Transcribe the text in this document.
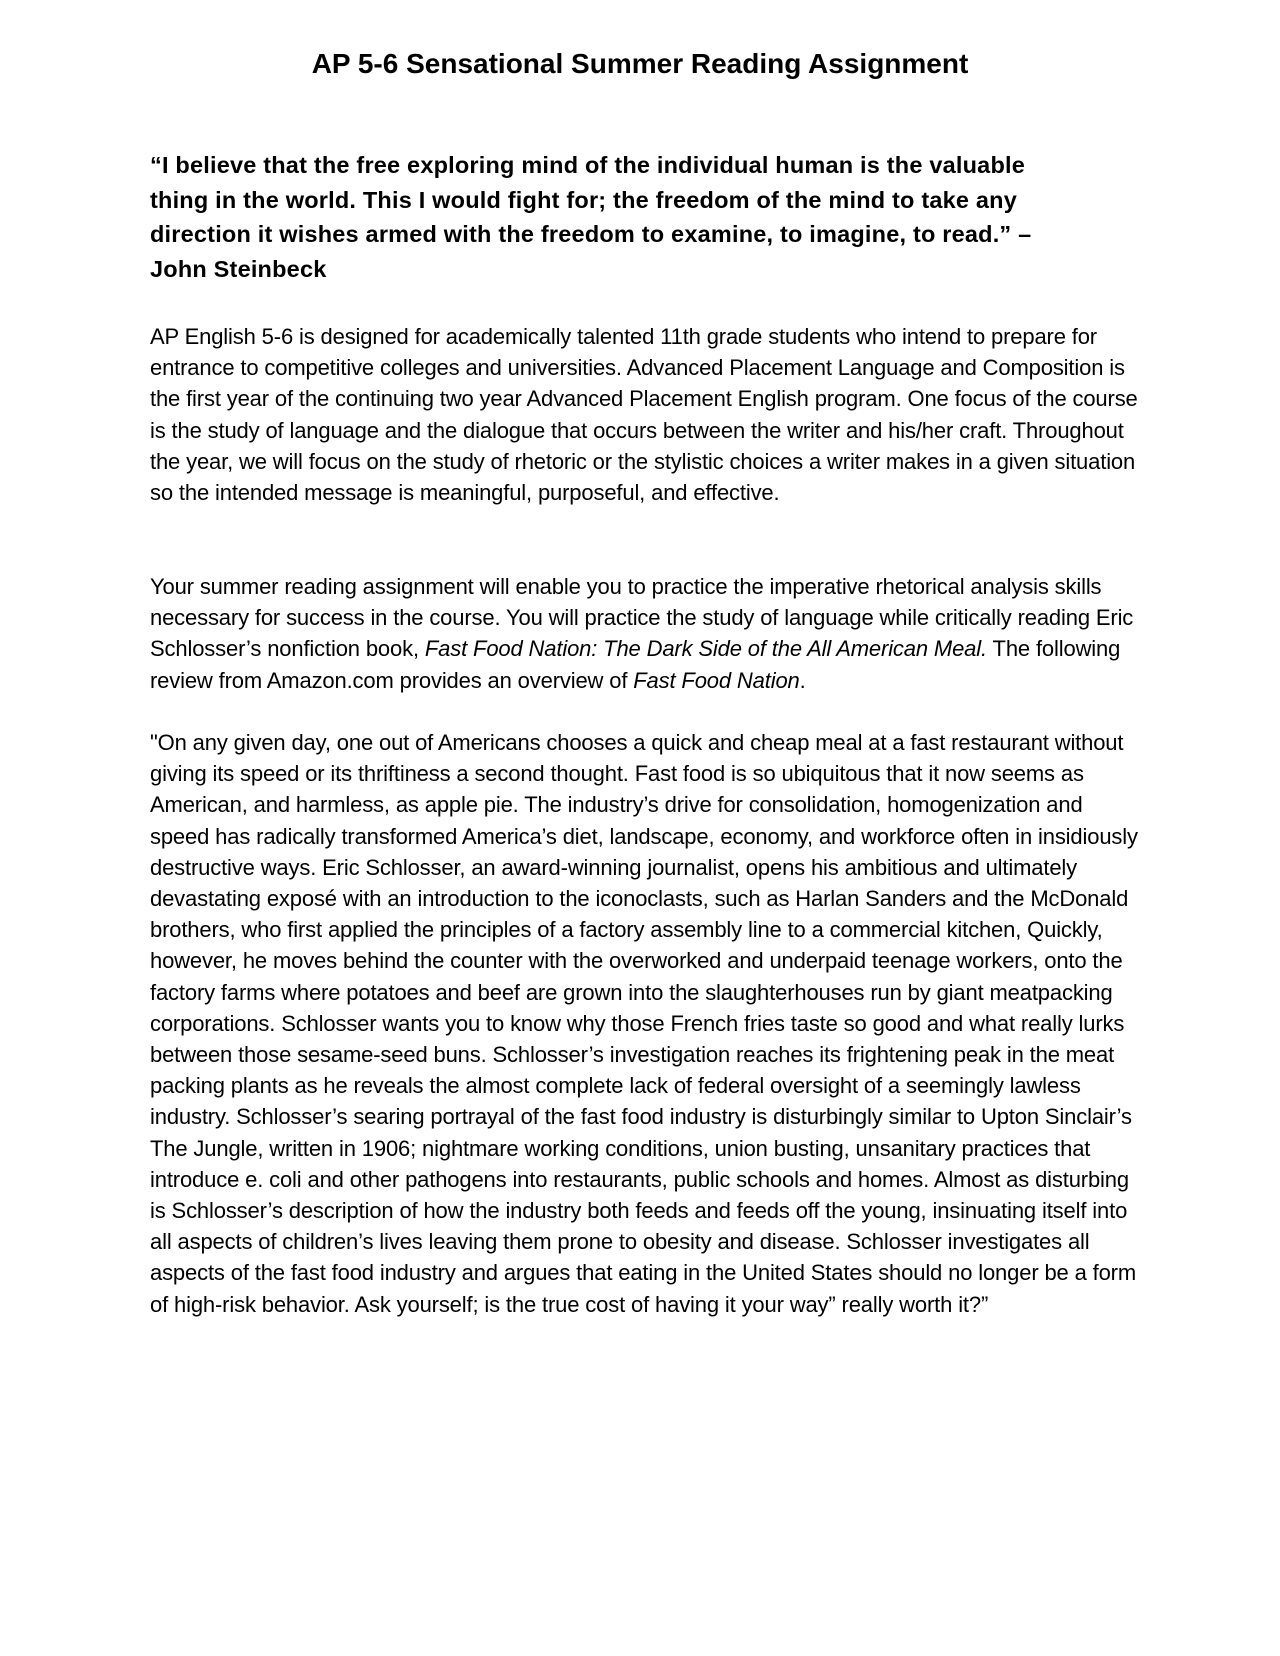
AP 5-6 Sensational Summer Reading Assignment

“I believe that the free exploring mind of the individual human is the valuable thing in the world. This I would fight for; the freedom of the mind to take any direction it wishes armed with the freedom to examine, to imagine, to read.” – John Steinbeck

AP English 5-6 is designed for academically talented 11th grade students who intend to prepare for entrance to competitive colleges and universities. Advanced Placement Language and Composition is the first year of the continuing two year Advanced Placement English program. One focus of the course is the study of language and the dialogue that occurs between the writer and his/her craft. Throughout the year, we will focus on the study of rhetoric or the stylistic choices a writer makes in a given situation so the intended message is meaningful, purposeful, and effective.

Your summer reading assignment will enable you to practice the imperative rhetorical analysis skills necessary for success in the course. You will practice the study of language while critically reading Eric Schlosser’s nonfiction book, Fast Food Nation: The Dark Side of the All American Meal. The following review from Amazon.com provides an overview of Fast Food Nation.

"On any given day, one out of Americans chooses a quick and cheap meal at a fast restaurant without giving its speed or its thriftiness a second thought. Fast food is so ubiquitous that it now seems as American, and harmless, as apple pie. The industry’s drive for consolidation, homogenization and speed has radically transformed America’s diet, landscape, economy, and workforce often in insidiously destructive ways. Eric Schlosser, an award-winning journalist, opens his ambitious and ultimately devastating exposé with an introduction to the iconoclasts, such as Harlan Sanders and the McDonald brothers, who first applied the principles of a factory assembly line to a commercial kitchen, Quickly, however, he moves behind the counter with the overworked and underpaid teenage workers, onto the factory farms where potatoes and beef are grown into the slaughterhouses run by giant meatpacking corporations. Schlosser wants you to know why those French fries taste so good and what really lurks between those sesame-seed buns. Schlosser’s investigation reaches its frightening peak in the meat packing plants as he reveals the almost complete lack of federal oversight of a seemingly lawless industry. Schlosser’s searing portrayal of the fast food industry is disturbingly similar to Upton Sinclair’s The Jungle, written in 1906; nightmare working conditions, union busting, unsanitary practices that introduce e. coli and other pathogens into restaurants, public schools and homes. Almost as disturbing is Schlosser’s description of how the industry both feeds and feeds off the young, insinuating itself into all aspects of children’s lives leaving them prone to obesity and disease. Schlosser investigates all aspects of the fast food industry and argues that eating in the United States should no longer be a form of high-risk behavior. Ask yourself; is the true cost of having it your way” really worth it?”
